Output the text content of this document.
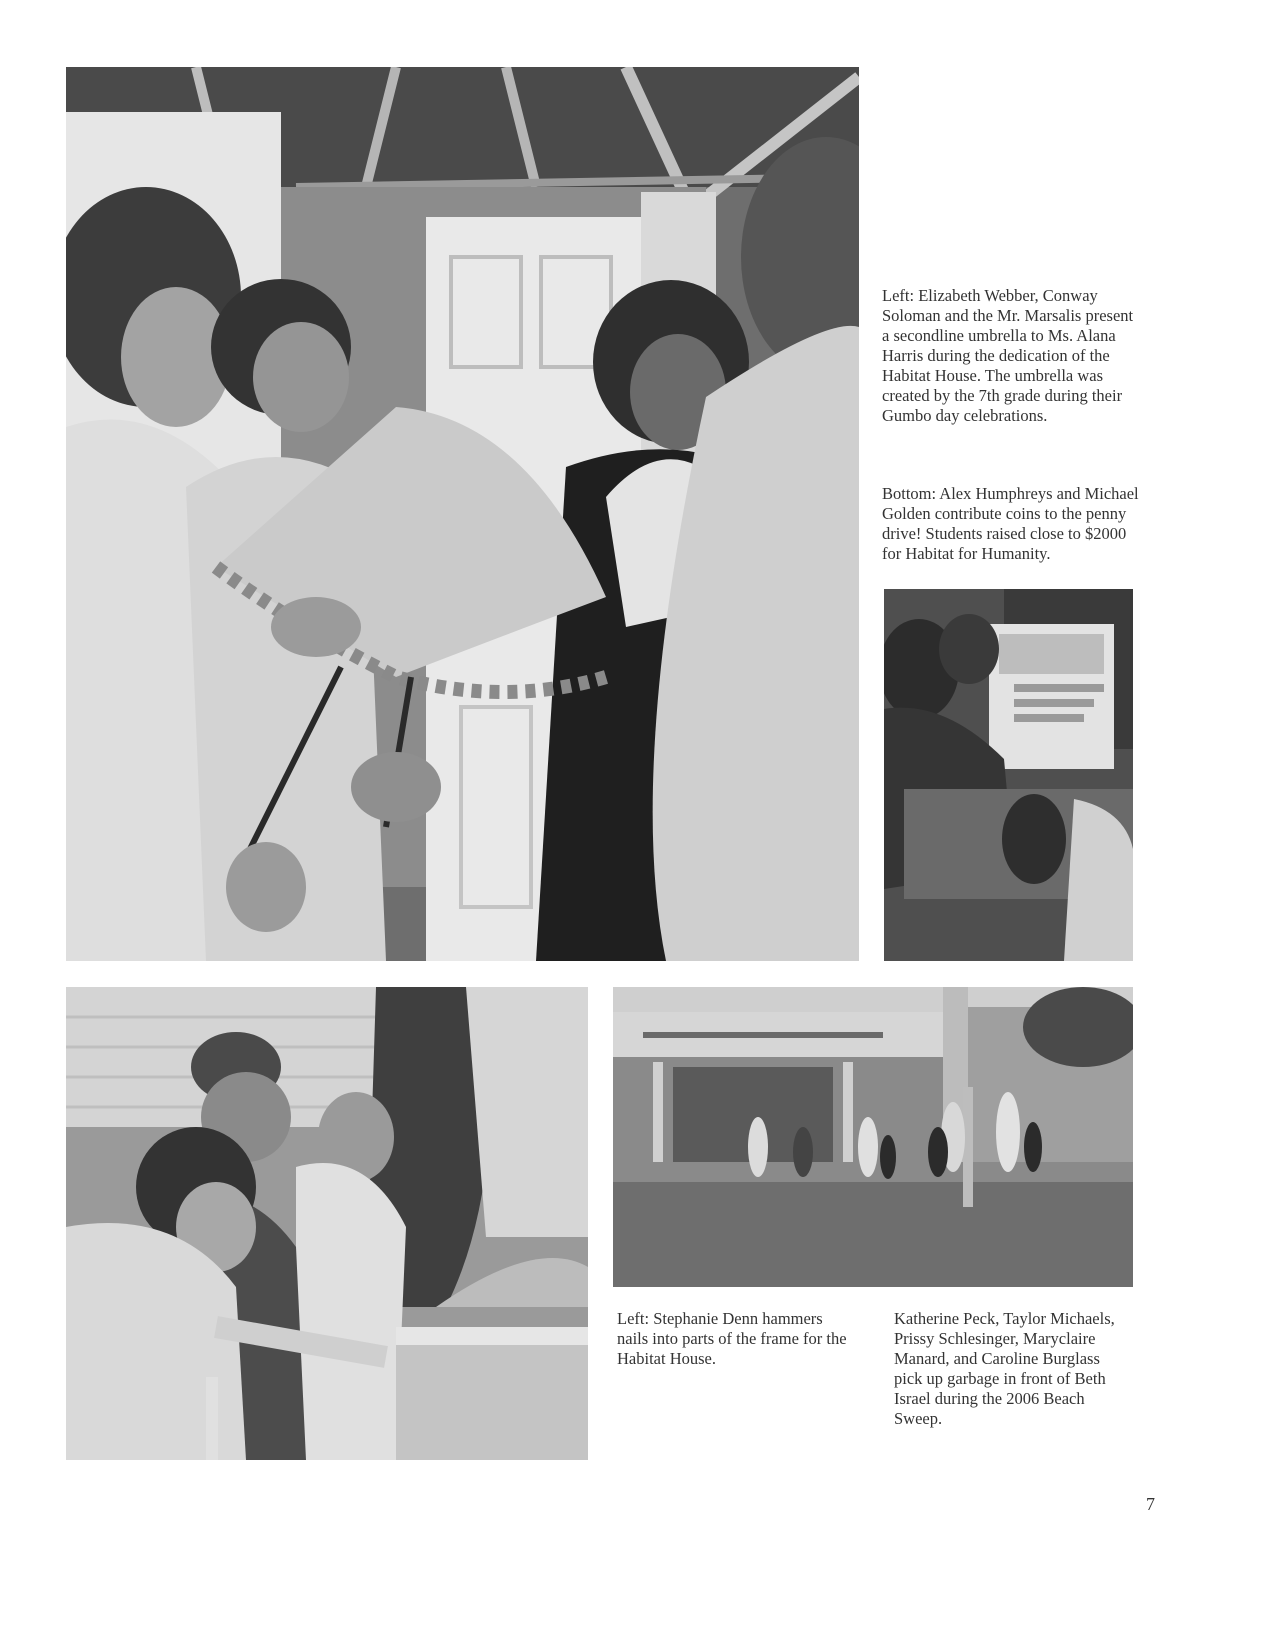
Left: Elizabeth Webber, Conway Soloman and the Mr. Marsalis present a secondline umbrella to Ms. Alana Harris during the dedication of the Habitat House. The umbrella was created by the 7th grade during their Gumbo day celebrations.

Bottom: Alex Humphreys and Michael Golden contribute coins to the penny drive! Students raised close to $2000 for Habitat for Humanity.

Left: Stephanie Denn hammers nails into parts of the frame for the Habitat House.

Katherine Peck, Taylor Michaels, Prissy Schlesinger, Maryclaire Manard, and Caroline Burglass pick up garbage in front of Beth Israel during the 2006 Beach Sweep.

7
